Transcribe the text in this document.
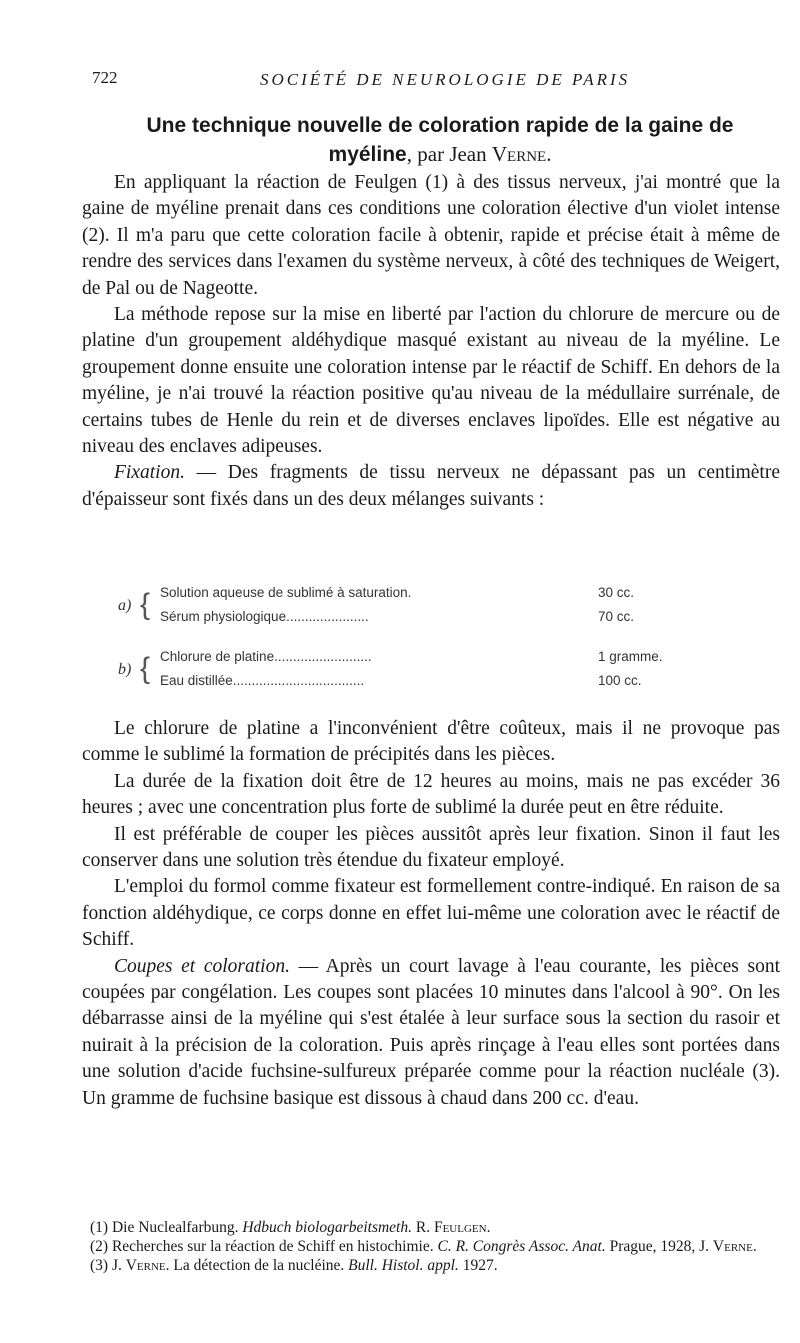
722	SOCIÉTÉ DE NEUROLOGIE DE PARIS
Une technique nouvelle de coloration rapide de la gaine de
myéline, par Jean Verne.

En appliquant la réaction de Feulgen (1) à des tissus nerveux, j'ai montré que la gaine de myéline prenait dans ces conditions une coloration élective d'un violet intense (2). Il m'a paru que cette coloration facile à obtenir, rapide et précise était à même de rendre des services dans l'examen du système nerveux, à côté des techniques de Weigert, de Pal ou de Nageotte.

La méthode repose sur la mise en liberté par l'action du chlorure de mercure ou de platine d'un groupement aldéhydique masqué existant au niveau de la myéline. Le groupement donne ensuite une coloration intense par le réactif de Schiff. En dehors de la myéline, je n'ai trouvé la réaction positive qu'au niveau de la médullaire surrénale, de certains tubes de Henle du rein et de diverses enclaves lipoïdes. Elle est négative au niveau des enclaves adipeuses.

Fixation. — Des fragments de tissu nerveux ne dépassant pas un centimètre d'épaisseur sont fixés dans un des deux mélanges suivants :

a) { Solution aqueuse de sublimé à saturation.	30 cc.
Sérum physiologique......................	70 cc.
b) { Chlorure de platine..........................	1 gramme.
Eau distillée...................................	100 cc.

Le chlorure de platine a l'inconvénient d'être coûteux, mais il ne provoque pas comme le sublimé la formation de précipités dans les pièces.

La durée de la fixation doit être de 12 heures au moins, mais ne pas excéder 36 heures ; avec une concentration plus forte de sublimé la durée peut en être réduite.

Il est préférable de couper les pièces aussitôt après leur fixation. Sinon il faut les conserver dans une solution très étendue du fixateur employé.

L'emploi du formol comme fixateur est formellement contre-indiqué. En raison de sa fonction aldéhydique, ce corps donne en effet lui-même une coloration avec le réactif de Schiff.

Coupes et coloration. — Après un court lavage à l'eau courante, les pièces sont coupées par congélation. Les coupes sont placées 10 minutes dans l'alcool à 90°. On les débarrasse ainsi de la myéline qui s'est étalée à leur surface sous la section du rasoir et nuirait à la précision de la coloration. Puis après rinçage à l'eau elles sont portées dans une solution d'acide fuchsine-sulfureux préparée comme pour la réaction nucléale (3). Un gramme de fuchsine basique est dissous à chaud dans 200 cc. d'eau.

(1) Die Nuclealfarbung. Hdbuch biologarbeitsmeth. R. Feulgen.

(2) Recherches sur la réaction de Schiff en histochimie. C. R. Congrès Assoc. Anat. Prague, 1928, J. Verne.

(3) J. Verne. La détection de la nucléine. Bull. Histol. appl. 1927.
